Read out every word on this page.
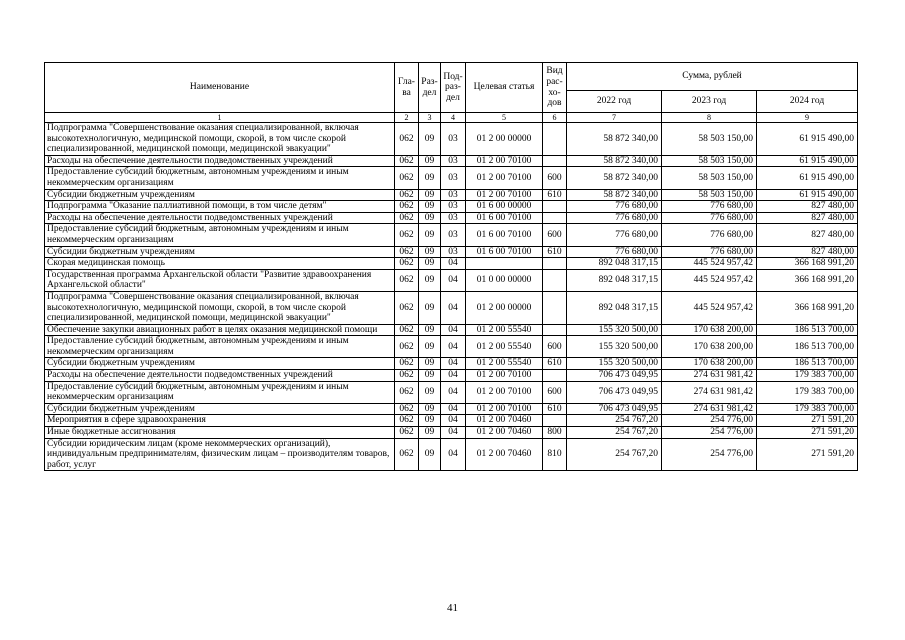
Наименование	Гла-ва	Раз-дел	Под-раз-дел	Целевая статья	Вид рас-хо-дов	Сумма, рублей		
						2022 год	2023 год	2024 год
1	2	3	4	5	6	7	8	9
Подпрограмма "Совершенствование оказания специализированной, включая высокотехнологичную, медицинской помощи, скорой, в том числе скорой специализированной, медицинской помощи, медицинской эвакуации"	062	09	03	01 2 00 00000		58 872 340,00	58 503 150,00	61 915 490,00
Расходы на обеспечение деятельности подведомственных учреждений	062	09	03	01 2 00 70100		58 872 340,00	58 503 150,00	61 915 490,00
Предоставление субсидий бюджетным, автономным учреждениям и иным некоммерческим организациям	062	09	03	01 2 00 70100	600	58 872 340,00	58 503 150,00	61 915 490,00
Субсидии бюджетным учреждениям	062	09	03	01 2 00 70100	610	58 872 340,00	58 503 150,00	61 915 490,00
Подпрограмма "Оказание паллиативной помощи, в том числе детям"	062	09	03	01 6 00 00000		776 680,00	776 680,00	827 480,00
Расходы на обеспечение деятельности подведомственных учреждений	062	09	03	01 6 00 70100		776 680,00	776 680,00	827 480,00
Предоставление субсидий бюджетным, автономным учреждениям и иным некоммерческим организациям	062	09	03	01 6 00 70100	600	776 680,00	776 680,00	827 480,00
Субсидии бюджетным учреждениям	062	09	03	01 6 00 70100	610	776 680,00	776 680,00	827 480,00
Скорая медицинская помощь	062	09	04			892 048 317,15	445 524 957,42	366 168 991,20
Государственная программа Архангельской области "Развитие здравоохранения Архангельской области"	062	09	04	01 0 00 00000		892 048 317,15	445 524 957,42	366 168 991,20
Подпрограмма "Совершенствование оказания специализированной, включая высокотехнологичную, медицинской помощи, скорой, в том числе скорой специализированной, медицинской помощи, медицинской эвакуации"	062	09	04	01 2 00 00000		892 048 317,15	445 524 957,42	366 168 991,20
Обеспечение закупки авиационных работ в целях оказания медицинской помощи	062	09	04	01 2 00 55540		155 320 500,00	170 638 200,00	186 513 700,00
Предоставление субсидий бюджетным, автономным учреждениям и иным некоммерческим организациям	062	09	04	01 2 00 55540	600	155 320 500,00	170 638 200,00	186 513 700,00
Субсидии бюджетным учреждениям	062	09	04	01 2 00 55540	610	155 320 500,00	170 638 200,00	186 513 700,00
Расходы на обеспечение деятельности подведомственных учреждений	062	09	04	01 2 00 70100		706 473 049,95	274 631 981,42	179 383 700,00
Предоставление субсидий бюджетным, автономным учреждениям и иным некоммерческим организациям	062	09	04	01 2 00 70100	600	706 473 049,95	274 631 981,42	179 383 700,00
Субсидии бюджетным учреждениям	062	09	04	01 2 00 70100	610	706 473 049,95	274 631 981,42	179 383 700,00
Мероприятия в сфере здравоохранения	062	09	04	01 2 00 70460		254 767,20	254 776,00	271 591,20
Иные бюджетные ассигнования	062	09	04	01 2 00 70460	800	254 767,20	254 776,00	271 591,20
Субсидии юридическим лицам (кроме некоммерческих организаций), индивидуальным предпринимателям, физическим лицам – производителям товаров, работ, услуг	062	09	04	01 2 00 70460	810	254 767,20	254 776,00	271 591,20
41
